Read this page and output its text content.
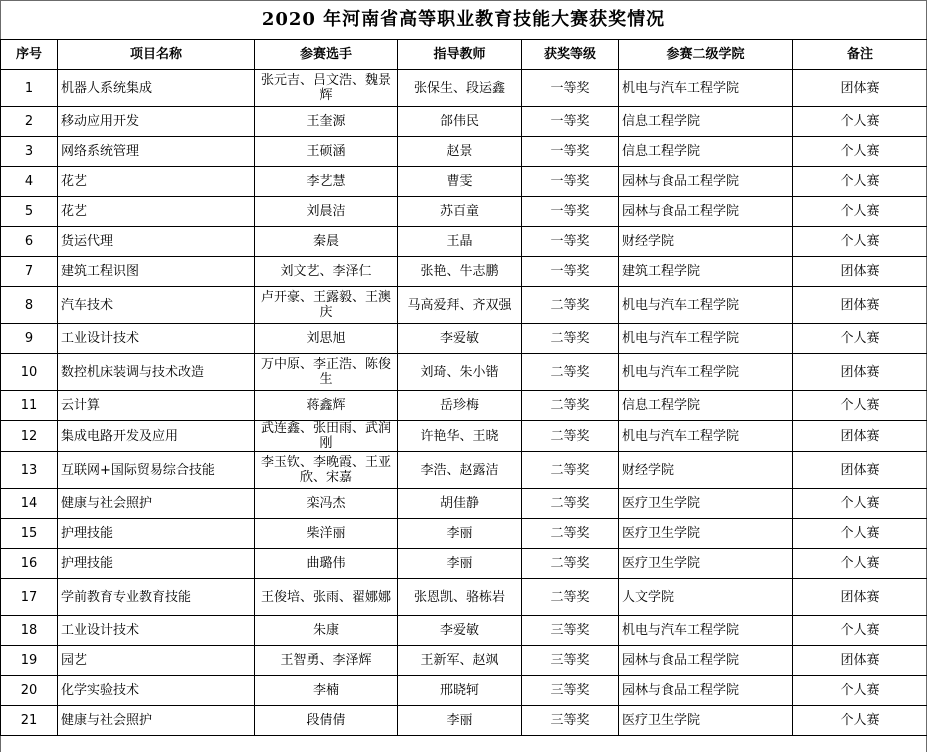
2020 年河南省高等职业教育技能大赛获奖情况
序号	项目名称	参赛选手	指导教师	获奖等级	参赛二级学院	备注
1	机器人系统集成	张元吉、吕文浩、魏景辉	张保生、段运鑫	一等奖	机电与汽车工程学院	团体赛
2	移动应用开发	王奎源	郃伟民	一等奖	信息工程学院	个人赛
3	网络系统管理	王硕涵	赵景	一等奖	信息工程学院	个人赛
4	花艺	李艺慧	曹雯	一等奖	园林与食品工程学院	个人赛
5	花艺	刘晨洁	苏百童	一等奖	园林与食品工程学院	个人赛
6	货运代理	秦晨	王晶	一等奖	财经学院	个人赛
7	建筑工程识图	刘文艺、李泽仁	张艳、牛志鹏	一等奖	建筑工程学院	团体赛
8	汽车技术	卢开豪、王露毅、王澳庆	马高爱拜、齐双强	二等奖	机电与汽车工程学院	团体赛
9	工业设计技术	刘思旭	李爱敏	二等奖	机电与汽车工程学院	个人赛
10	数控机床装调与技术改造	万中原、李正浩、陈俊生	刘琦、朱小锴	二等奖	机电与汽车工程学院	团体赛
11	云计算	蒋鑫辉	岳珍梅	二等奖	信息工程学院	个人赛
12	集成电路开发及应用	武连鑫、张田雨、武润刚	许艳华、王晓	二等奖	机电与汽车工程学院	团体赛
13	互联网+国际贸易综合技能	李玉钦、李晚霞、王亚欣、宋嘉	李浩、赵露洁	二等奖	财经学院	团体赛
14	健康与社会照护	栾冯杰	胡佳静	二等奖	医疗卫生学院	个人赛
15	护理技能	柴洋丽	李丽	二等奖	医疗卫生学院	个人赛
16	护理技能	曲璐伟	李丽	二等奖	医疗卫生学院	个人赛
17	学前教育专业教育技能	王俊培、张雨、翟娜娜	张恩凯、骆栋岩	二等奖	人文学院	团体赛
18	工业设计技术	朱康	李爱敏	三等奖	机电与汽车工程学院	个人赛
19	园艺	王智勇、李泽辉	王新军、赵飒	三等奖	园林与食品工程学院	团体赛
20	化学实验技术	李楠	邢晓轲	三等奖	园林与食品工程学院	个人赛
21	健康与社会照护	段倩倩	李丽	三等奖	医疗卫生学院	个人赛
